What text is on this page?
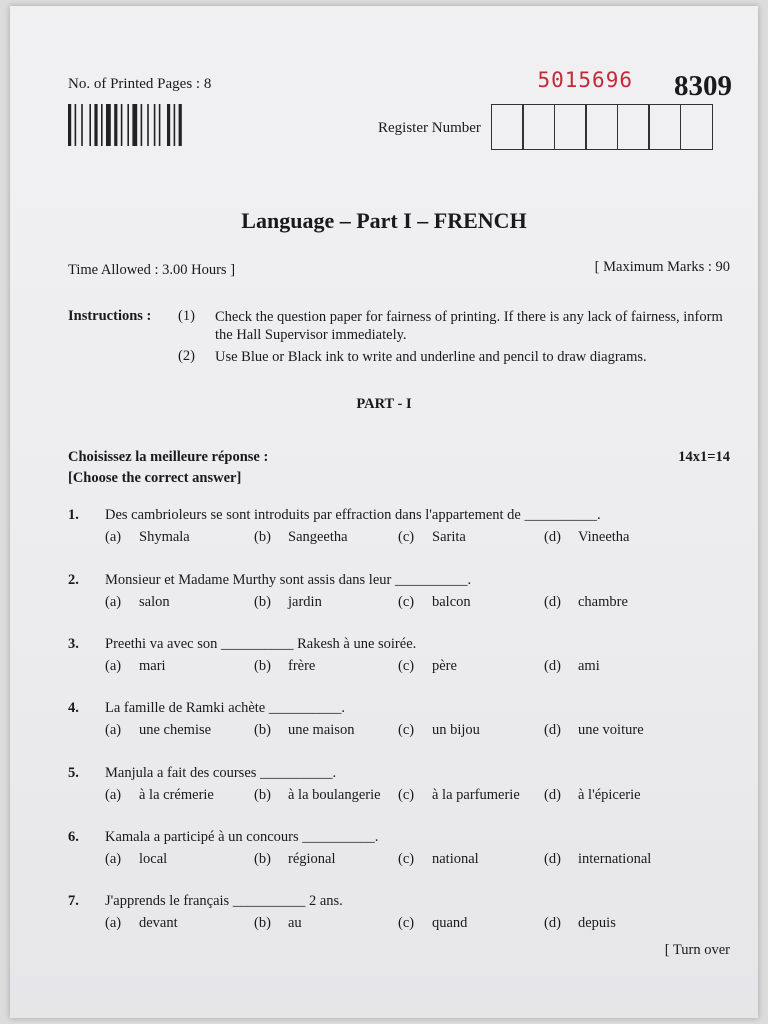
No. of Printed Pages : 8	5015696 8309
Register Number
Language – Part I – FRENCH
Time Allowed : 3.00 Hours ]	[ Maximum Marks : 90
Instructions : (1) Check the question paper for fairness of printing. If there is any lack of fairness, inform the Hall Supervisor immediately.
(2) Use Blue or Black ink to write and underline and pencil to draw diagrams.
PART - I
Choisissez la meilleure réponse :
[Choose the correct answer]
14x1=14
1. Des cambrioleurs se sont introduits par effraction dans l'appartement de __________.
(a) Shymala	(b) Sangeetha	(c) Sarita	(d) Vineetha
2. Monsieur et Madame Murthy sont assis dans leur __________.
(a) salon	(b) jardin	(c) balcon	(d) chambre
3. Preethi va avec son __________ Rakesh à une soirée.
(a) mari	(b) frère	(c) père	(d) ami
4. La famille de Ramki achète __________.
(a) une chemise	(b) une maison	(c) un bijou	(d) une voiture
5. Manjula a fait des courses __________.
(a) à la crémerie	(b) à la boulangerie (c) à la parfumerie (d) à l'épicerie
6. Kamala a participé à un concours __________.
(a) local	(b) régional	(c) national	(d) international
7. J'apprends le français __________ 2 ans.
(a) devant	(b) au	(c) quand	(d) depuis
[ Turn over
